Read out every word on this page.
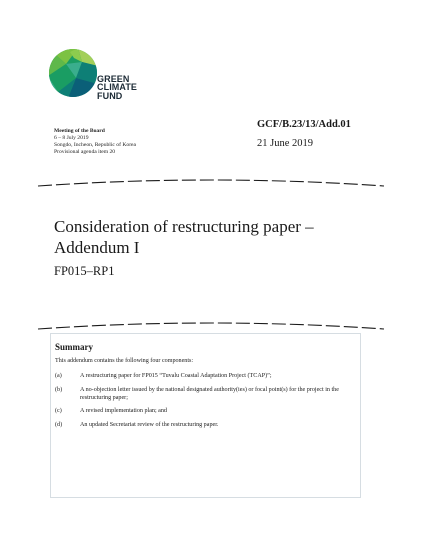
GREEN
CLIMATE
FUND
Meeting of the Board
6 – 8 July 2019
Songdo, Incheon, Republic of Korea
Provisional agenda item 20
GCF/B.23/13/Add.01
21 June 2019
Consideration of restructuring paper – Addendum I
FP015–RP1
Summary
This addendum contains the following four components:
(a)	A restructuring paper for FP015 “Tuvalu Coastal Adaptation Project (TCAP)”;
(b)	A no-objection letter issued by the national designated authority(ies) or focal point(s) for the project in the restructuring paper;
(c)	A revised implementation plan; and
(d)	An updated Secretariat review of the restructuring paper.
